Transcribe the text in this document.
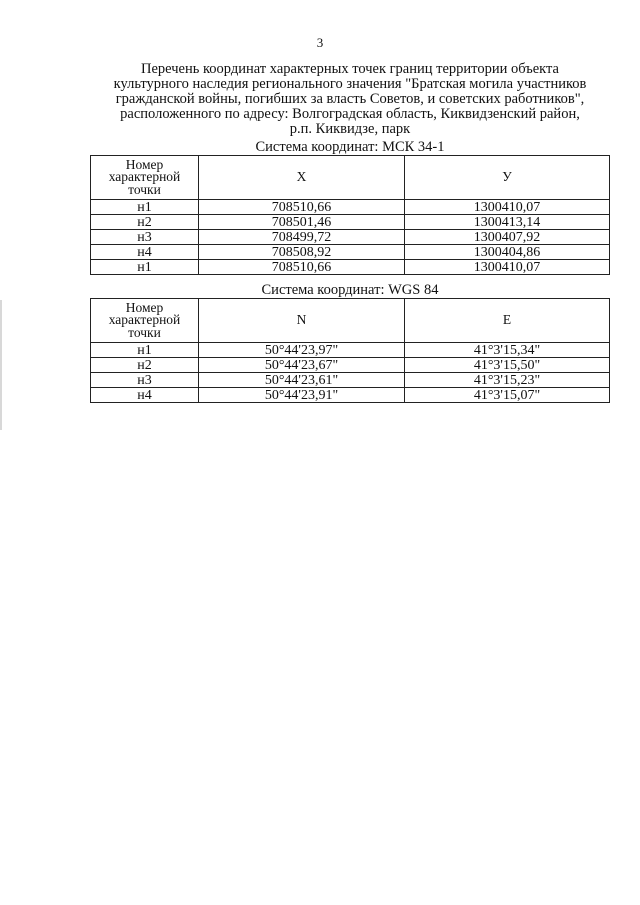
3
Перечень координат характерных точек границ территории объекта
культурного наследия регионального значения "Братская могила участников
гражданской войны, погибших за власть Советов, и советских работников",
расположенного по адресу: Волгоградская область, Киквидзенский район,
р.п. Киквидзе, парк
Система координат: МСК 34-1
Номер характерной точки	X	У
н1	708510,66	1300410,07
н2	708501,46	1300413,14
н3	708499,72	1300407,92
н4	708508,92	1300404,86
н1	708510,66	1300410,07
Система координат: WGS 84
Номер характерной точки	N	E
н1	50°44'23,97"	41°3'15,34"
н2	50°44'23,67"	41°3'15,50"
н3	50°44'23,61"	41°3'15,23"
н4	50°44'23,91"	41°3'15,07"
